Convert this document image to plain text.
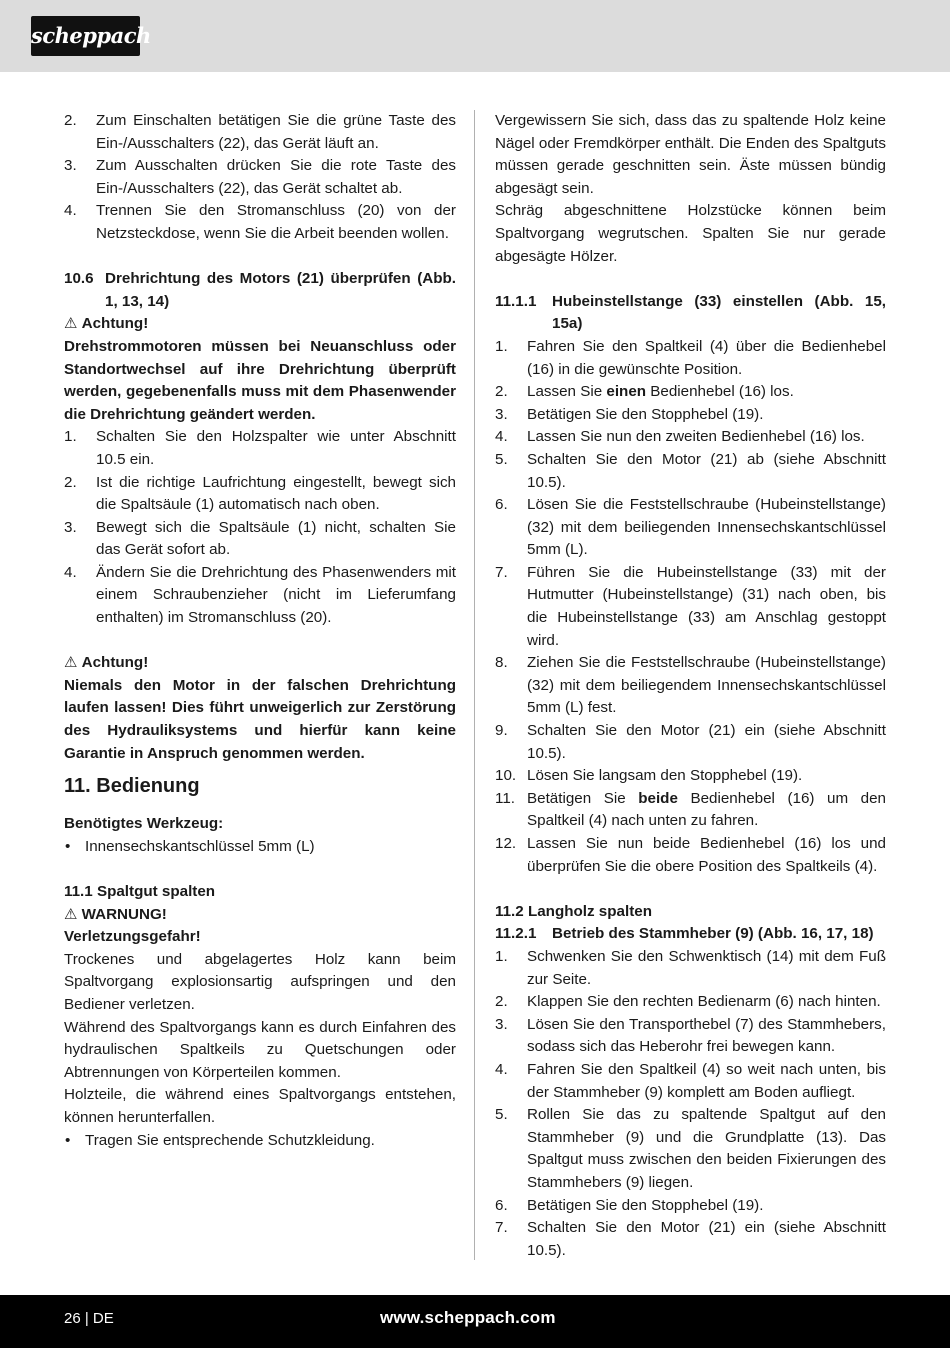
scheppach
2.	Zum Einschalten betätigen Sie die grüne Taste des Ein-/Ausschalters (22), das Gerät läuft an.
3.	Zum Ausschalten drücken Sie die rote Taste des Ein-/Ausschalters (22), das Gerät schaltet ab.
4.	Trennen Sie den Stromanschluss (20) von der Netzsteckdose, wenn Sie die Arbeit beenden wollen.
10.6 Drehrichtung des Motors (21) überprüfen (Abb. 1, 13, 14)

⚠ Achtung!

Drehstrommotoren müssen bei Neuanschluss oder Standortwechsel auf ihre Drehrichtung überprüft werden, gegebenenfalls muss mit dem Phasenwender die Drehrichtung geändert werden.

1.	Schalten Sie den Holzspalter wie unter Abschnitt 10.5 ein.
2.	Ist die richtige Laufrichtung eingestellt, bewegt sich die Spaltsäule (1) automatisch nach oben.
3.	Bewegt sich die Spaltsäule (1) nicht, schalten Sie das Gerät sofort ab.
4.	Ändern Sie die Drehrichtung des Phasenwenders mit einem Schraubenzieher (nicht im Lieferumfang enthalten) im Stromanschluss (20).

⚠ Achtung!

Niemals den Motor in der falschen Drehrichtung laufen lassen! Dies führt unweigerlich zur Zerstörung des Hydrauliksystems und hierfür kann keine Garantie in Anspruch genommen werden.

11. Bedienung

Benötigtes Werkzeug:

• Innensechskantschlüssel 5mm (L)

11.1 Spaltgut spalten

⚠ WARNUNG!

Verletzungsgefahr!

Trockenes und abgelagertes Holz kann beim Spaltvorgang explosionsartig aufspringen und den Bediener verletzen.

Während des Spaltvorgangs kann es durch Einfahren des hydraulischen Spaltkeils zu Quetschungen oder Abtrennungen von Körperteilen kommen.

Holzteile, die während eines Spaltvorgangs entstehen, können herunterfallen.

• Tragen Sie entsprechende Schutzkleidung.

Vergewissern Sie sich, dass das zu spaltende Holz keine Nägel oder Fremdkörper enthält. Die Enden des Spaltguts müssen gerade geschnitten sein. Äste müssen bündig abgesägt sein.

Schräg abgeschnittene Holzstücke können beim Spaltvorgang wegrutschen. Spalten Sie nur gerade abgesägte Hölzer.

11.1.1	Hubeinstellstange (33) einstellen (Abb. 15, 15a)
1.	Fahren Sie den Spaltkeil (4) über die Bedienhebel (16) in die gewünschte Position.
2.	Lassen Sie einen Bedienhebel (16) los.
3.	Betätigen Sie den Stopphebel (19).
4.	Lassen Sie nun den zweiten Bedienhebel (16) los.
5.	Schalten Sie den Motor (21) ab (siehe Abschnitt 10.5).
6.	Lösen Sie die Feststellschraube (Hubeinstellstange) (32) mit dem beiliegenden Innensechskantschlüssel 5mm (L).
7.	Führen Sie die Hubeinstellstange (33) mit der Hutmutter (Hubeinstellstange) (31) nach oben, bis die Hubeinstellstange (33) am Anschlag gestoppt wird.
8.	Ziehen Sie die Feststellschraube (Hubeinstellstange) (32) mit dem beiliegendem Innensechskantschlüssel 5mm (L) fest.
9.	Schalten Sie den Motor (21) ein (siehe Abschnitt 10.5).
10. Lösen Sie langsam den Stopphebel (19).
11. Betätigen Sie beide Bedienhebel (16) um den Spaltkeil (4) nach unten zu fahren.
12. Lassen Sie nun beide Bedienhebel (16) los und überprüfen Sie die obere Position des Spaltkeils (4).

11.2 Langholz spalten

11.2.1	Betrieb des Stammheber (9) (Abb. 16, 17, 18)
1.	Schwenken Sie den Schwenktisch (14) mit dem Fuß zur Seite.
2.	Klappen Sie den rechten Bedienarm (6) nach hinten.
3.	Lösen Sie den Transporthebel (7) des Stammhebers, sodass sich das Heberohr frei bewegen kann.
4.	Fahren Sie den Spaltkeil (4) so weit nach unten, bis der Stammheber (9) komplett am Boden aufliegt.
5.	Rollen Sie das zu spaltende Spaltgut auf den Stammheber (9) und die Grundplatte (13). Das Spaltgut muss zwischen den beiden Fixierungen des Stammhebers (9) liegen.
6.	Betätigen Sie den Stopphebel (19).
7.	Schalten Sie den Motor (21) ein (siehe Abschnitt 10.5).
26 | DE	www.scheppach.com
